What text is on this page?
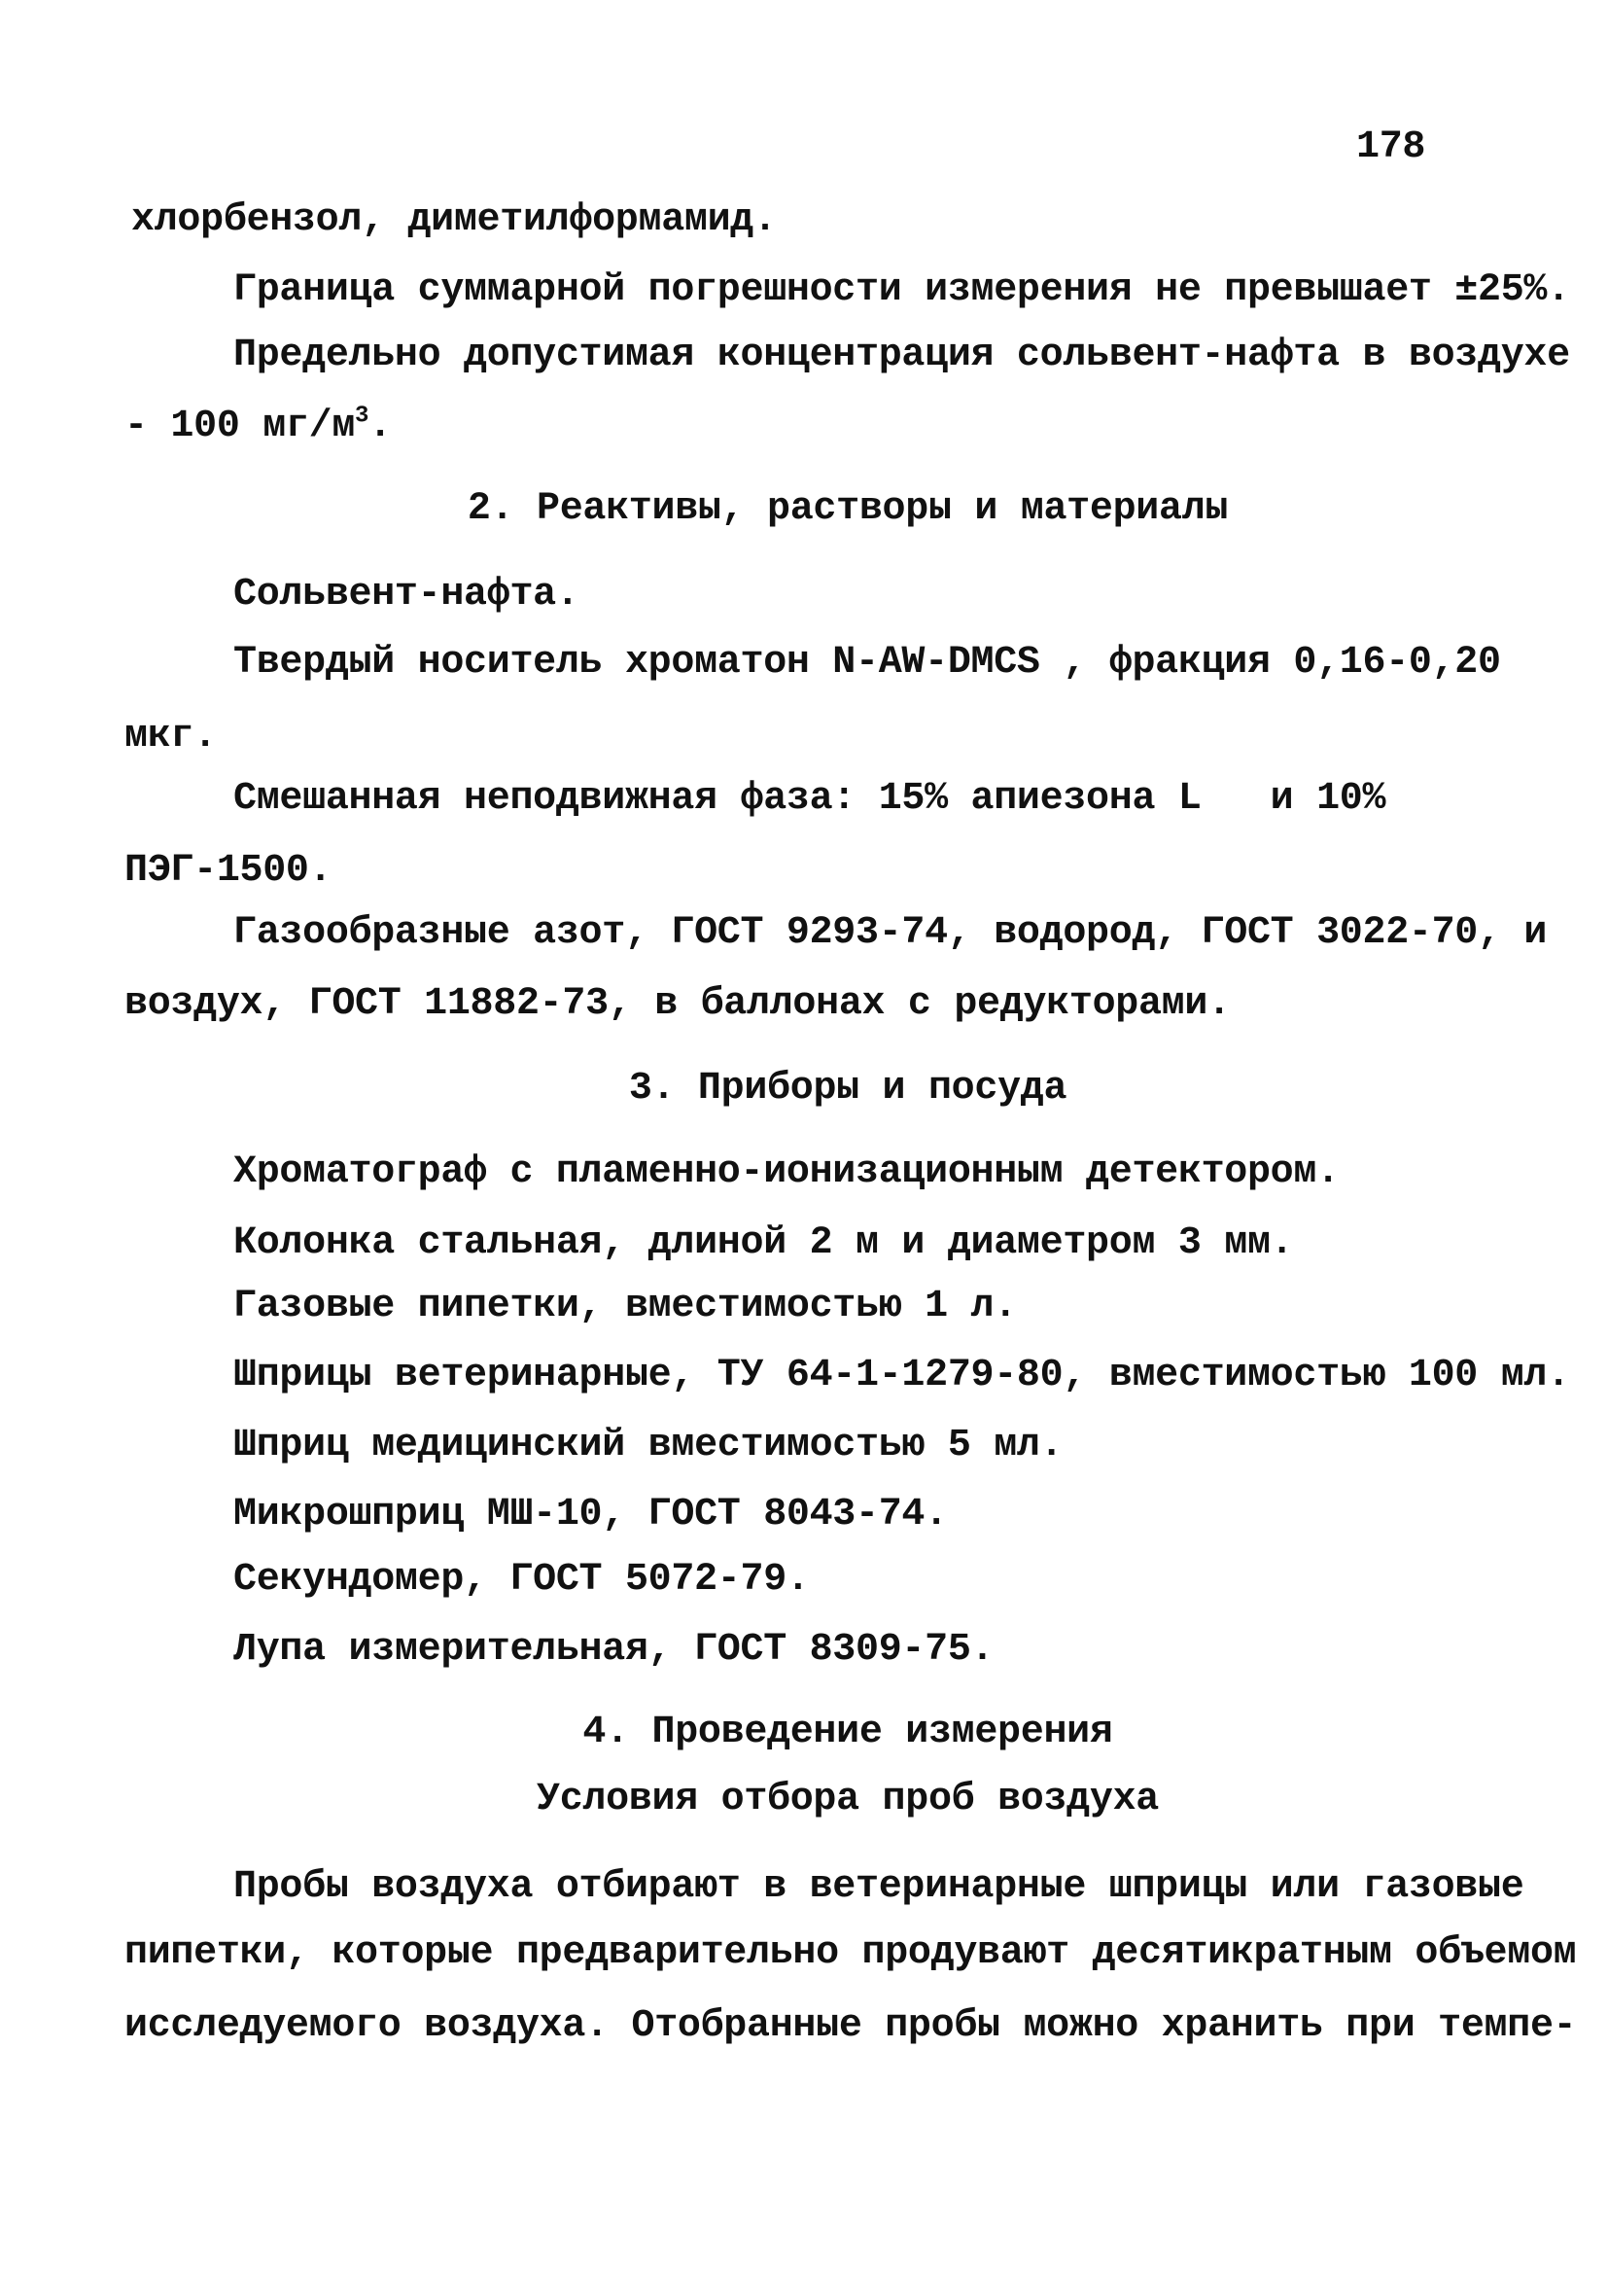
178
хлорбензол, диметилформамид.
Граница суммарной погрешности измерения не превышает ±25%.
Предельно допустимая концентрация сольвент-нафта в воздухе
- 100 $мг/м^3$.
2. Реактивы, растворы и материалы
Сольвент-нафта.
Твердый носитель хроматон N-AW-DMCS , фракция 0,16-0,20
мкг.
Смешанная неподвижная фаза: 15% апиезона L   и 10%
ПЭГ-1500.
Газообразные азот, ГОСТ 9293-74, водород, ГОСТ 3022-70, и
воздух, ГОСТ 11882-73, в баллонах с редукторами.
3. Приборы и посуда
Хроматограф с пламенно-ионизационным детектором.
Колонка стальная, длиной 2 м и диаметром 3 мм.
Газовые пипетки, вместимостью 1 л.
Шприцы ветеринарные, ТУ 64-1-1279-80, вместимостью 100 мл.
Шприц медицинский вместимостью 5 мл.
Микрошприц МШ-10, ГОСТ 8043-74.
Секундомер, ГОСТ 5072-79.
Лупа измерительная, ГОСТ 8309-75.
4. Проведение измерения
Условия отбора проб воздуха
Пробы воздуха отбирают в ветеринарные шприцы или газовые
пипетки, которые предварительно продувают десятикратным объемом
исследуемого воздуха. Отобранные пробы можно хранить при темпе-
